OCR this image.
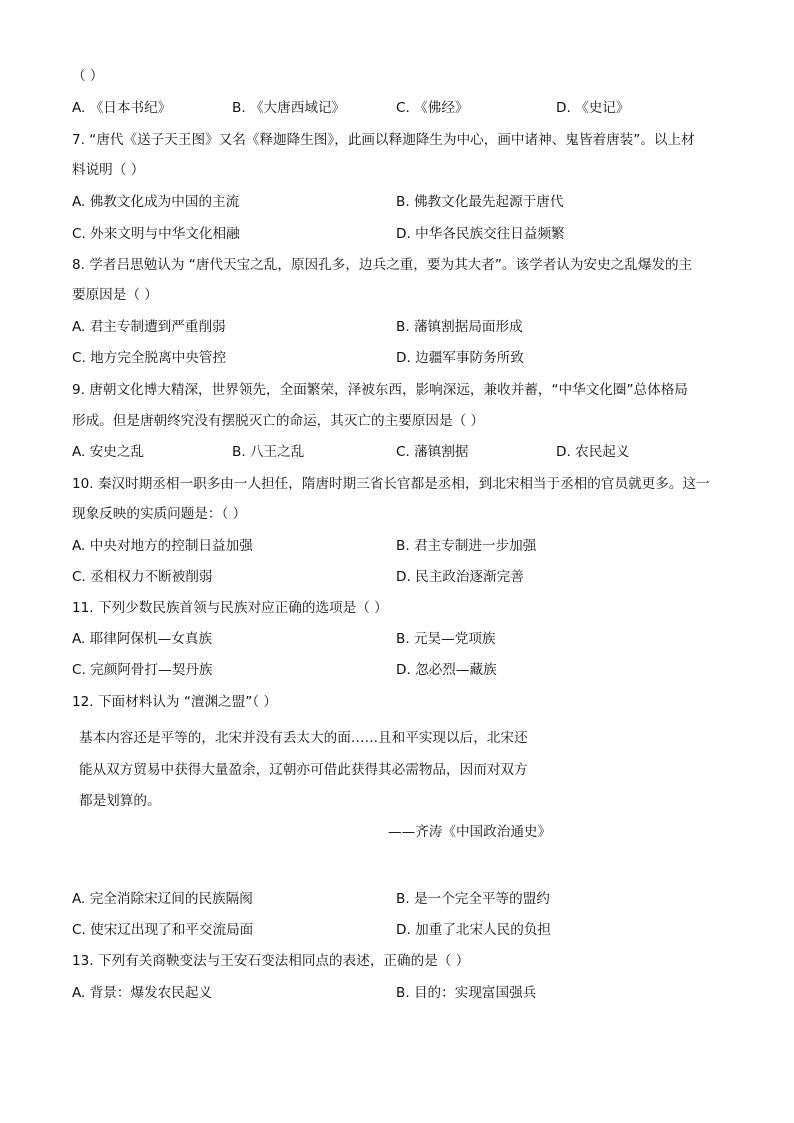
（ ）
A. 《日本书纪》	B. 《大唐西域记》	C. 《佛经》	D. 《史记》
7. “唐代《送子天王图》又名《释迦降生图》，此画以释迦降生为中心，画中诸神、鬼皆着唐装”。以上材
料说明（ ）
A. 佛教文化成为中国的主流	B. 佛教文化最先起源于唐代
C. 外来文明与中华文化相融	D. 中华各民族交往日益频繁
8. 学者吕思勉认为 “唐代天宝之乱，原因孔多，边兵之重，要为其大者”。该学者认为安史之乱爆发的主
要原因是（ ）
A. 君主专制遭到严重削弱	B. 藩镇割据局面形成
C. 地方完全脱离中央管控	D. 边疆军事防务所致
9. 唐朝文化博大精深，世界领先，全面繁荣，泽被东西，影响深远，兼收并蓄，“中华文化圈”总体格局
形成。但是唐朝终究没有摆脱灭亡的命运，其灭亡的主要原因是（ ）
A. 安史之乱	B. 八王之乱	C. 藩镇割据	D. 农民起义
10. 秦汉时期丞相一职多由一人担任，隋唐时期三省长官都是丞相，到北宋相当于丞相的官员就更多。这一
现象反映的实质问题是：（ ）
A. 中央对地方的控制日益加强	B. 君主专制进一步加强
C. 丞相权力不断被削弱	D. 民主政治逐渐完善
11. 下列少数民族首领与民族对应正确的选项是（ ）
A. 耶律阿保机—女真族	B. 元昊—党项族
C. 完颜阿骨打—契丹族	D. 忽必烈—藏族
12. 下面材料认为 “澶渊之盟”（ ）
基本内容还是平等的，北宋并没有丢太大的面……且和平实现以后，北宋还
能从双方贸易中获得大量盈余，辽朝亦可借此获得其必需物品，因而对双方
都是划算的。
——齐涛《中国政治通史》
A. 完全消除宋辽间的民族隔阂	B. 是一个完全平等的盟约
C. 使宋辽出现了和平交流局面	D. 加重了北宋人民的负担
13. 下列有关商鞅变法与王安石变法相同点的表述，正确的是（ ）
A. 背景：爆发农民起义	B. 目的：实现富国强兵
